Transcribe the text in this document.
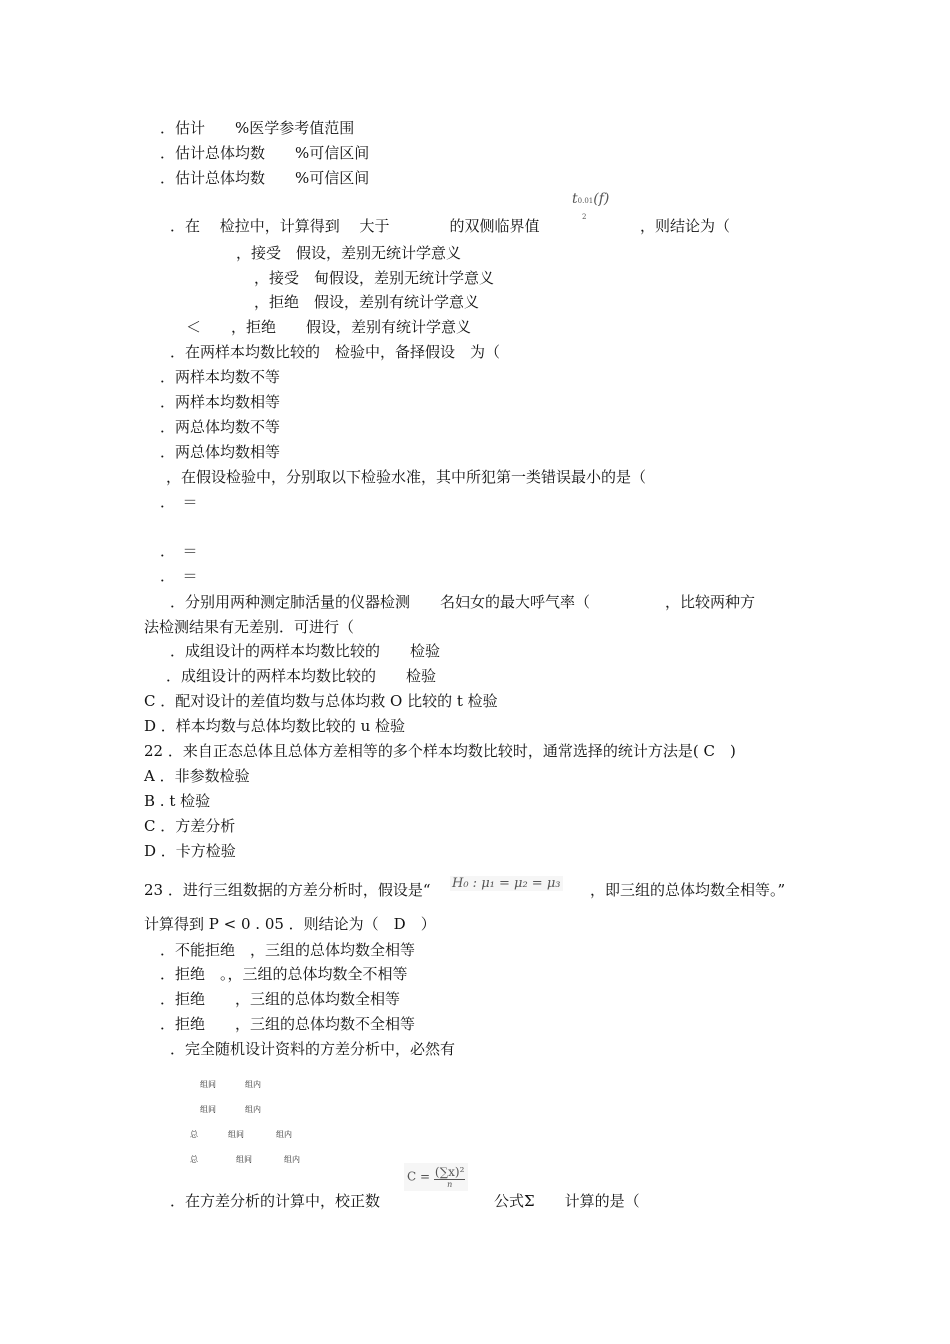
．估计　　%医学参考值范围
．估计总体均数　　%可信区间
．估计总体均数　　%可信区间
．在　 检拉中，计算得到　 大于　　　　的双侧临界值	，则结论为（
，接受　假设，差别无统计学意义
，接受　甸假设，差别无统计学意义
，拒绝　假设，差别有统计学意义
＜　　，拒绝　　假设，差别有统计学意义
．在两样本均数比较的　检验中，备择假设　为（
．两样本均数不等
．两样本均数相等
．两总体均数不等
．两总体均数相等
，在假设检验中，分别取以下检验水准，其中所犯第一类错误最小的是（
．　＝
．　＝
．　＝
．分别用两种测定肺活量的仪器检测　　名妇女的最大呼气率（　　　　　，比较两种方
法检测结果有无差别．可进行（
．成组设计的两样本均数比较的　　检验
．成组设计的两样本均数比较的　　检验
C ．配对设计的差值均数与总体均救 O 比较的 t 检验
D ．样本均数与总体均数比较的 u 检验
22 ．来自正态总体且总体方差相等的多个样本均数比较时，通常选择的统计方法是( C　)
A ．非参数检验
B . t 检验
C ．方差分析
D ．卡方检验
23 ．进行三组数据的方差分析时，假设是“	，即三组的总体均数全相等。”
计算得到 P < 0 . 05 ．则结论为（　D　）
．不能拒绝　，三组的总体均数全相等
．拒绝　。，三组的总体均数全不相等
．拒绝　　，三组的总体均数全相等
．拒绝　　，三组的总体均数不全相等
．完全随机设计资料的方差分析中，必然有
．在方差分析的计算中，校正数	公式Σ　　计算的是（
组间	组内
组间	组内
总	组间	组内
总	组间	组内
t0.01(f)
2
H₀ : μ₁ = μ₂ = μ₃
$C = \frac{\text{(∑x)²}}{n}$
